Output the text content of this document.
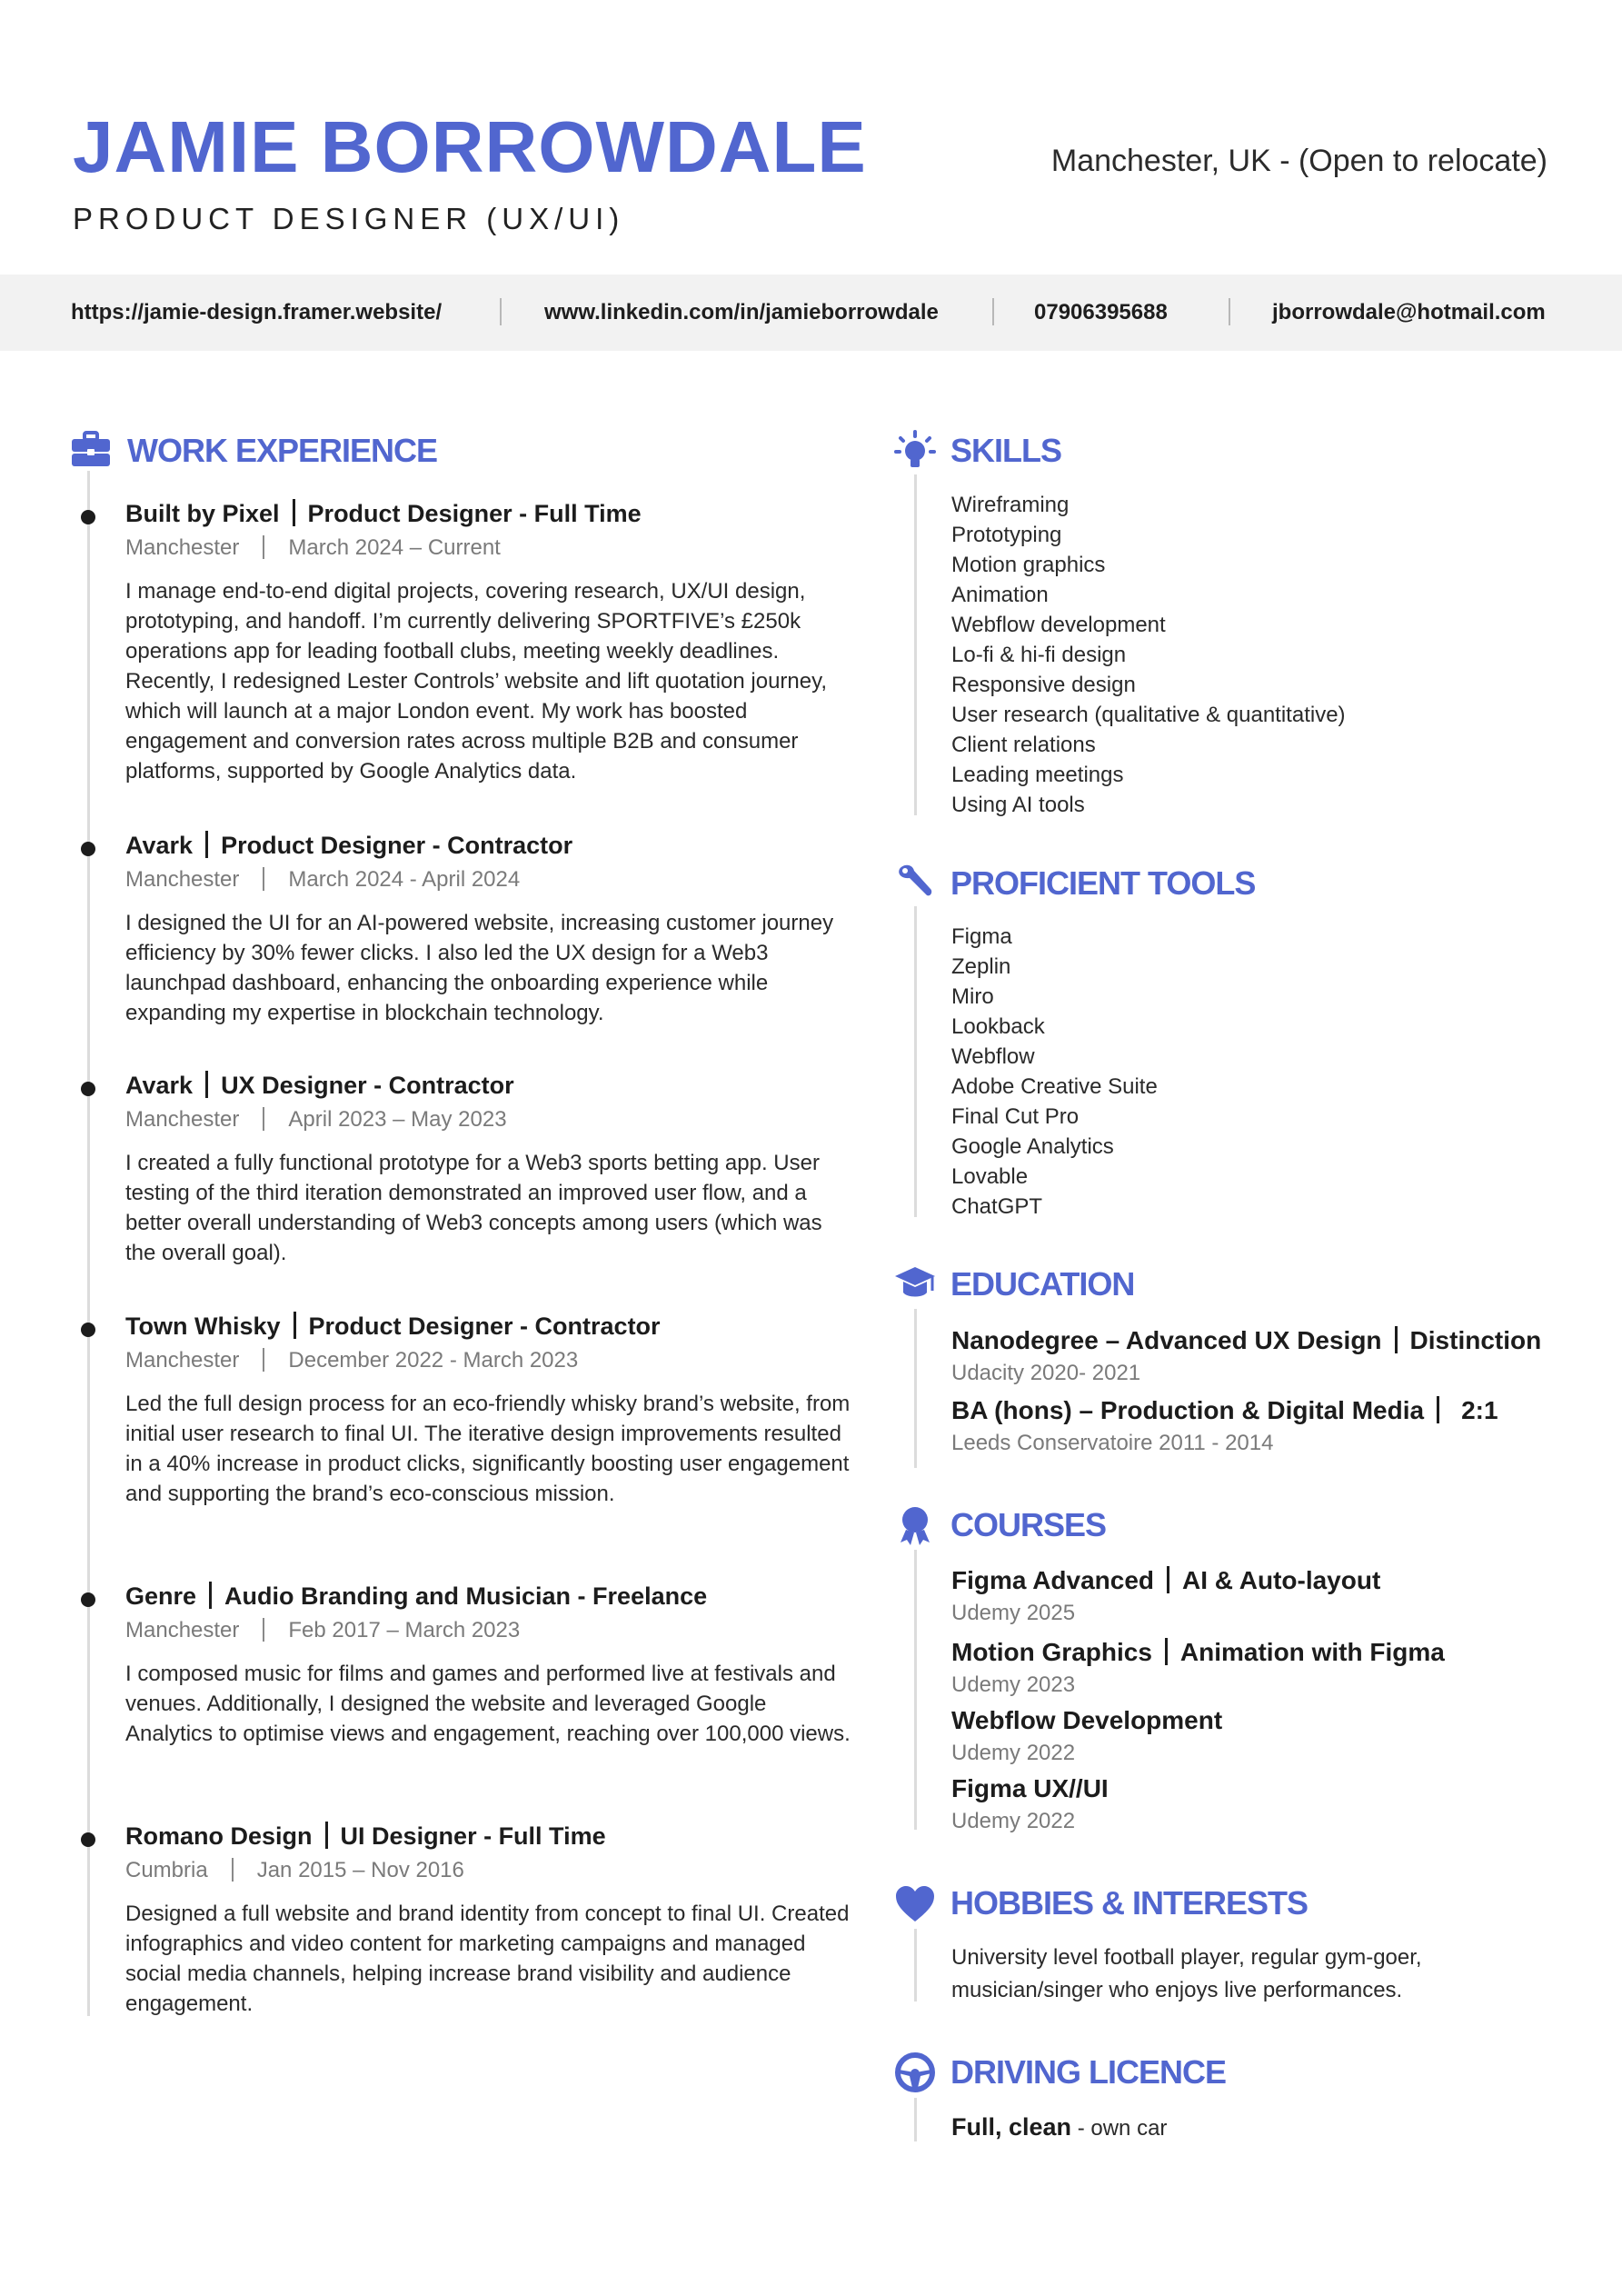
JAMIE BORROWDALE
PRODUCT DESIGNER (UX/UI)
Manchester, UK - (Open to relocate)
https://jamie-design.framer.website/	www.linkedin.com/in/jamieborrowdale	07906395688	jborrowdale@hotmail.com
WORK EXPERIENCE
Built by Pixel Product Designer - Full Time
Manchester March 2024 – Current
I manage end-to-end digital projects, covering research, UX/UI design, prototyping, and handoff. I’m currently delivering SPORTFIVE’s £250k operations app for leading football clubs, meeting weekly deadlines. Recently, I redesigned Lester Controls’ website and lift quotation journey, which will launch at a major London event. My work has boosted engagement and conversion rates across multiple B2B and consumer platforms, supported by Google Analytics data.
Avark Product Designer - Contractor
Manchester March 2024 - April 2024
I designed the UI for an AI-powered website, increasing customer journey efficiency by 30% fewer clicks. I also led the UX design for a Web3 launchpad dashboard, enhancing the onboarding experience while expanding my expertise in blockchain technology.
Avark UX Designer - Contractor
Manchester April 2023 – May 2023
I created a fully functional prototype for a Web3 sports betting app. User testing of the third iteration demonstrated an improved user flow, and a better overall understanding of Web3 concepts among users (which was the overall goal).
Town Whisky Product Designer - Contractor
Manchester December 2022 - March 2023
Led the full design process for an eco-friendly whisky brand’s website, from initial user research to final UI. The iterative design improvements resulted in a 40% increase in product clicks, significantly boosting user engagement and supporting the brand’s eco-conscious mission.
Genre Audio Branding and Musician - Freelance
Manchester Feb 2017 – March 2023
I composed music for films and games and performed live at festivals and venues. Additionally, I designed the website and leveraged Google Analytics to optimise views and engagement, reaching over 100,000 views.
Romano Design UI Designer - Full Time
Cumbria Jan 2015 – Nov 2016
Designed a full website and brand identity from concept to final UI. Created infographics and video content for marketing campaigns and managed social media channels, helping increase brand visibility and audience engagement.
SKILLS
Wireframing
Prototyping
Motion graphics
Animation
Webflow development
Lo-fi & hi-fi design
Responsive design
User research (qualitative & quantitative)
Client relations
Leading meetings
Using AI tools
PROFICIENT TOOLS
Figma
Zeplin
Miro
Lookback
Webflow
Adobe Creative Suite
Final Cut Pro
Google Analytics
Lovable
ChatGPT
EDUCATION
Nanodegree – Advanced UX Design Distinction
Udacity 2020- 2021
BA (hons) – Production & Digital Media 2:1
Leeds Conservatoire 2011 - 2014
COURSES
Figma Advanced AI & Auto-layout
Udemy 2025
Motion Graphics Animation with Figma
Udemy 2023
Webflow Development
Udemy 2022
Figma UX//UI
Udemy 2022
HOBBIES & INTERESTS
University level football player, regular gym-goer, musician/singer who enjoys live performances.
DRIVING LICENCE
Full, clean - own car
